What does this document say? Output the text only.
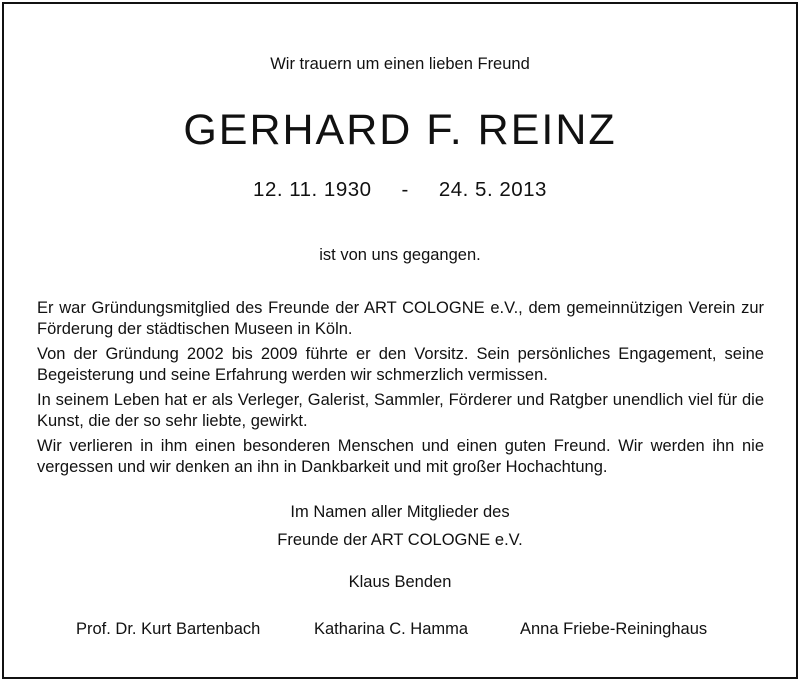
Wir trauern um einen lieben Freund
GERHARD F. REINZ
12. 11. 1930 - 24. 5. 2013
ist von uns gegangen.

Er war Gründungsmitglied des Freunde der ART COLOGNE e.V., dem gemeinnützigen Verein zur Förderung der städtischen Museen in Köln.

Von der Gründung 2002 bis 2009 führte er den Vorsitz. Sein persönliches Engagement, seine Begeisterung und seine Erfahrung werden wir schmerzlich vermissen.

In seinem Leben hat er als Verleger, Galerist, Sammler, Förderer und Ratgber unendlich viel für die Kunst, die der so sehr liebte, gewirkt.

Wir verlieren in ihm einen besonderen Menschen und einen guten Freund. Wir werden ihn nie vergessen und wir denken an ihn in Dankbarkeit und mit großer Hochachtung.

Im Namen aller Mitglieder des
Freunde der ART COLOGNE e.V.
Klaus Benden
Prof. Dr. Kurt Bartenbach	Katharina C. Hamma	Anna Friebe-Reininghaus
